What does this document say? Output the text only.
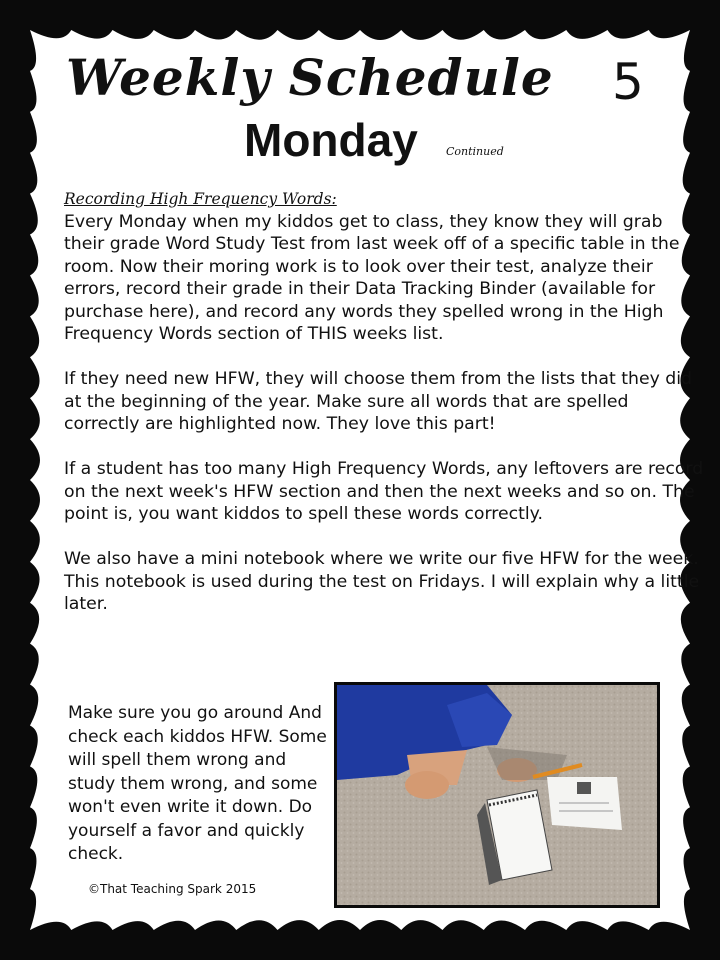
Weekly Schedule 5
Monday	Continued

Recording High Frequency Words:
Every Monday when my kiddos get to class, they know they will grab their grade Word Study Test from last week off of a specific table in the room. Now their moring work is to look over their test, analyze their errors, record their grade in their Data Tracking Binder (available for purchase here), and record any words they spelled wrong in the High Frequency Words section of THIS weeks list.

If they need new HFW, they will choose them from the lists that they did at the beginning of the year. Make sure all words that are spelled correctly are highlighted now. They love this part!

If a student has too many High Frequency Words, any leftovers are record on the next week's HFW section and then the next weeks and so on. The point is, you want kiddos to spell these words correctly.

We also have a mini notebook where we write our five HFW for the week. This notebook is used during the test on Fridays. I will explain why a little later.

Make sure you go around And check each kiddos HFW. Some will spell them wrong and study them wrong, and some won't even write it down. Do yourself a favor and quickly check.
©That Teaching Spark 2015
